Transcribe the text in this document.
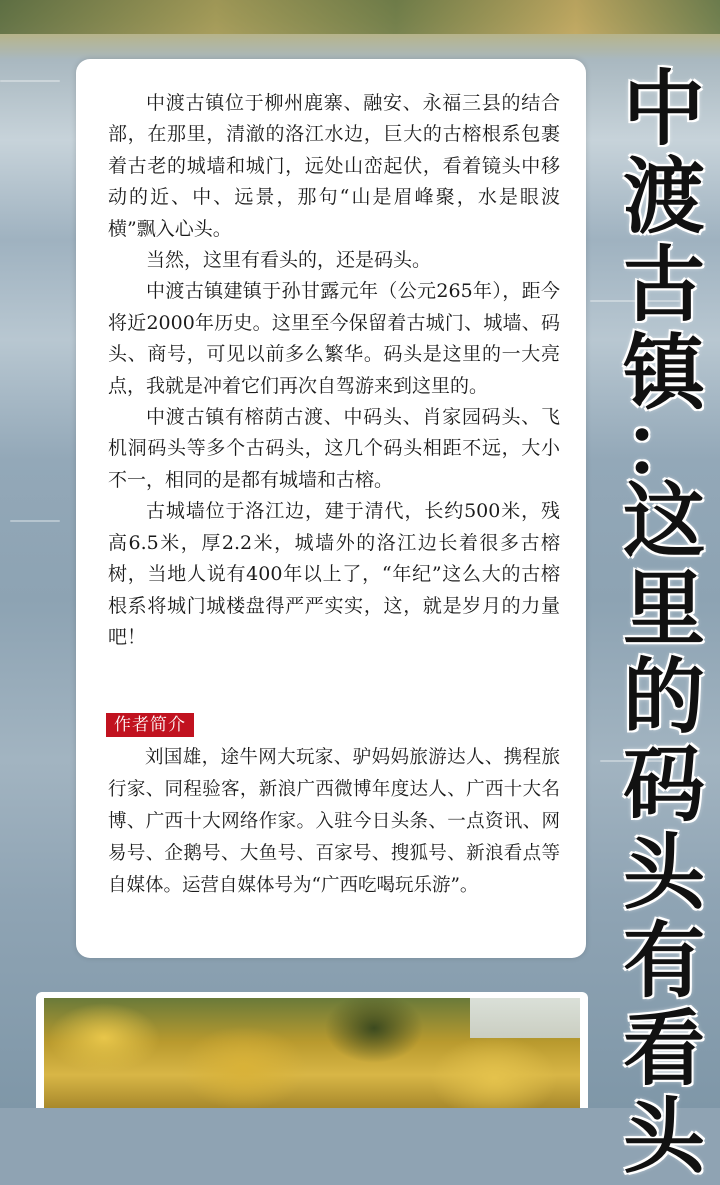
中渡古镇位于柳州鹿寨、融安、永福三县的结合部，在那里，清澈的洛江水边，巨大的古榕根系包裹着古老的城墙和城门，远处山峦起伏，看着镜头中移动的近、中、远景，那句“山是眉峰聚，水是眼波横”飘入心头。

当然，这里有看头的，还是码头。

中渡古镇建镇于孙甘露元年（公元265年），距今将近2000年历史。这里至今保留着古城门、城墙、码头、商号，可见以前多么繁华。码头是这里的一大亮点，我就是冲着它们再次自驾游来到这里的。

中渡古镇有榕荫古渡、中码头、肖家园码头、飞机洞码头等多个古码头，这几个码头相距不远，大小不一，相同的是都有城墙和古榕。

古城墙位于洛江边，建于清代，长约500米，残高6.5米，厚2.2米，城墙外的洛江边长着很多古榕树，当地人说有400年以上了，“年纪”这么大的古榕根系将城门城楼盘得严严实实，这，就是岁月的力量吧！

作者简介

刘国雄，途牛网大玩家、驴妈妈旅游达人、携程旅行家、同程验客，新浪广西微博年度达人、广西十大名博、广西十大网络作家。入驻今日头条、一点资讯、网易号、企鹅号、大鱼号、百家号、搜狐号、新浪看点等自媒体。运营自媒体号为“广西吃喝玩乐游”。

中
渡
古
镇
：
这
里
的
码
头
有
看
头
